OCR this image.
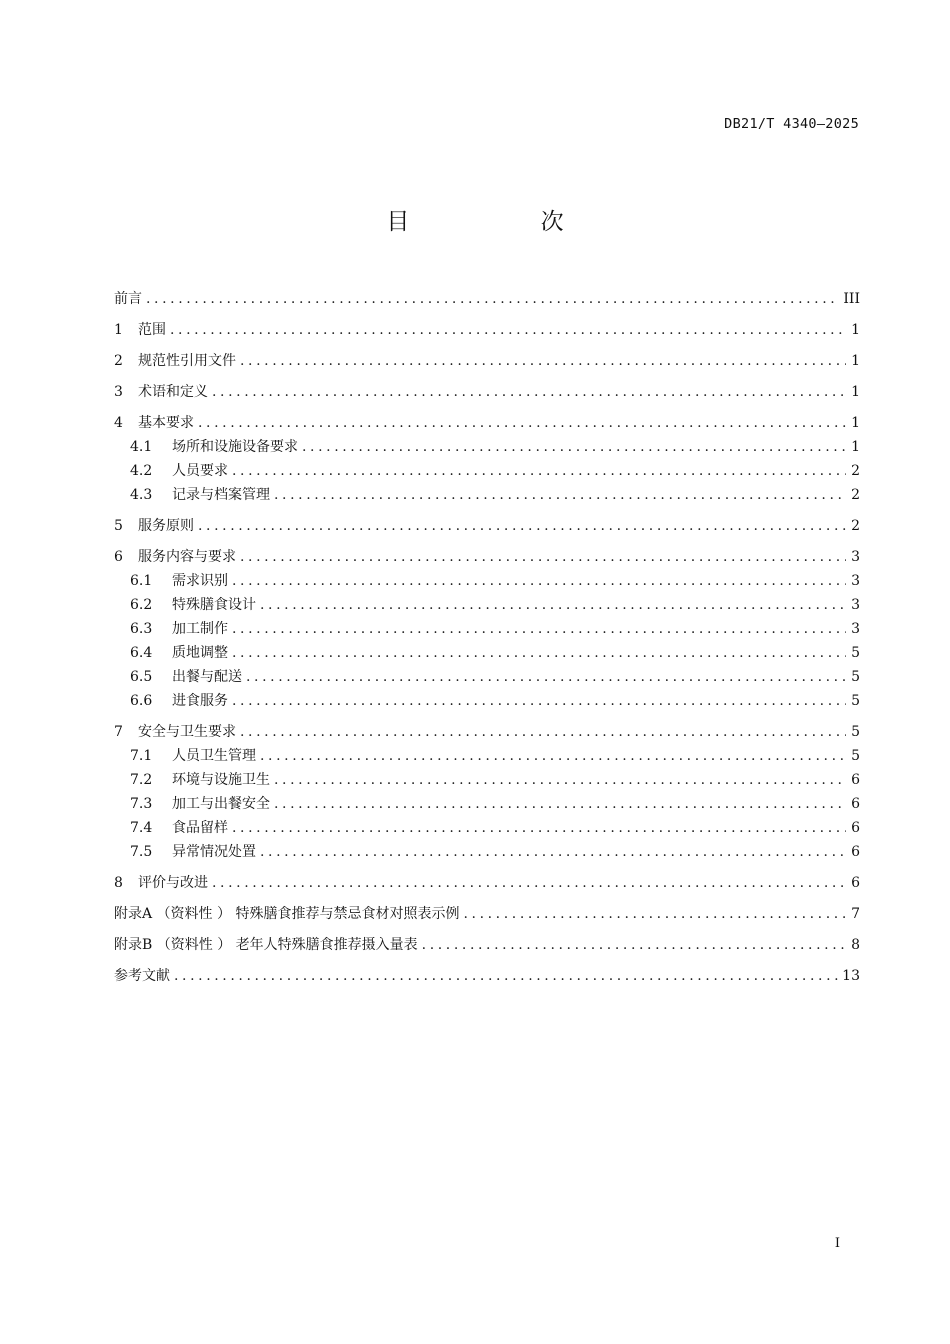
DB21/T 4340—2025
目 次
前言 .....	III
1	范围 .....	1
2	规范性引用文件 .....	1
3	术语和定义 .....	1
4	基本要求 .....	1
4.1	场所和设施设备要求 .....	1
4.2	人员要求 .....	2
4.3	记录与档案管理 .....	2
5	服务原则 .....	2
6	服务内容与要求 .....	3
6.1	需求识别 .....	3
6.2	特殊膳食设计 .....	3
6.3	加工制作 .....	3
6.4	质地调整 .....	5
6.5	出餐与配送 .....	5
6.6	进食服务 .....	5
7	安全与卫生要求 .....	5
7.1	人员卫生管理 .....	5
7.2	环境与设施卫生 .....	6
7.3	加工与出餐安全 .....	6
7.4	食品留样 .....	6
7.5	异常情况处置 .....	6
8	评价与改进 .....	6
附录A （资料性 ） 特殊膳食推荐与禁忌食材对照表示例 .....	7
附录B （资料性 ） 老年人特殊膳食推荐摄入量表 .....	8
参考文献 .....	13
I
